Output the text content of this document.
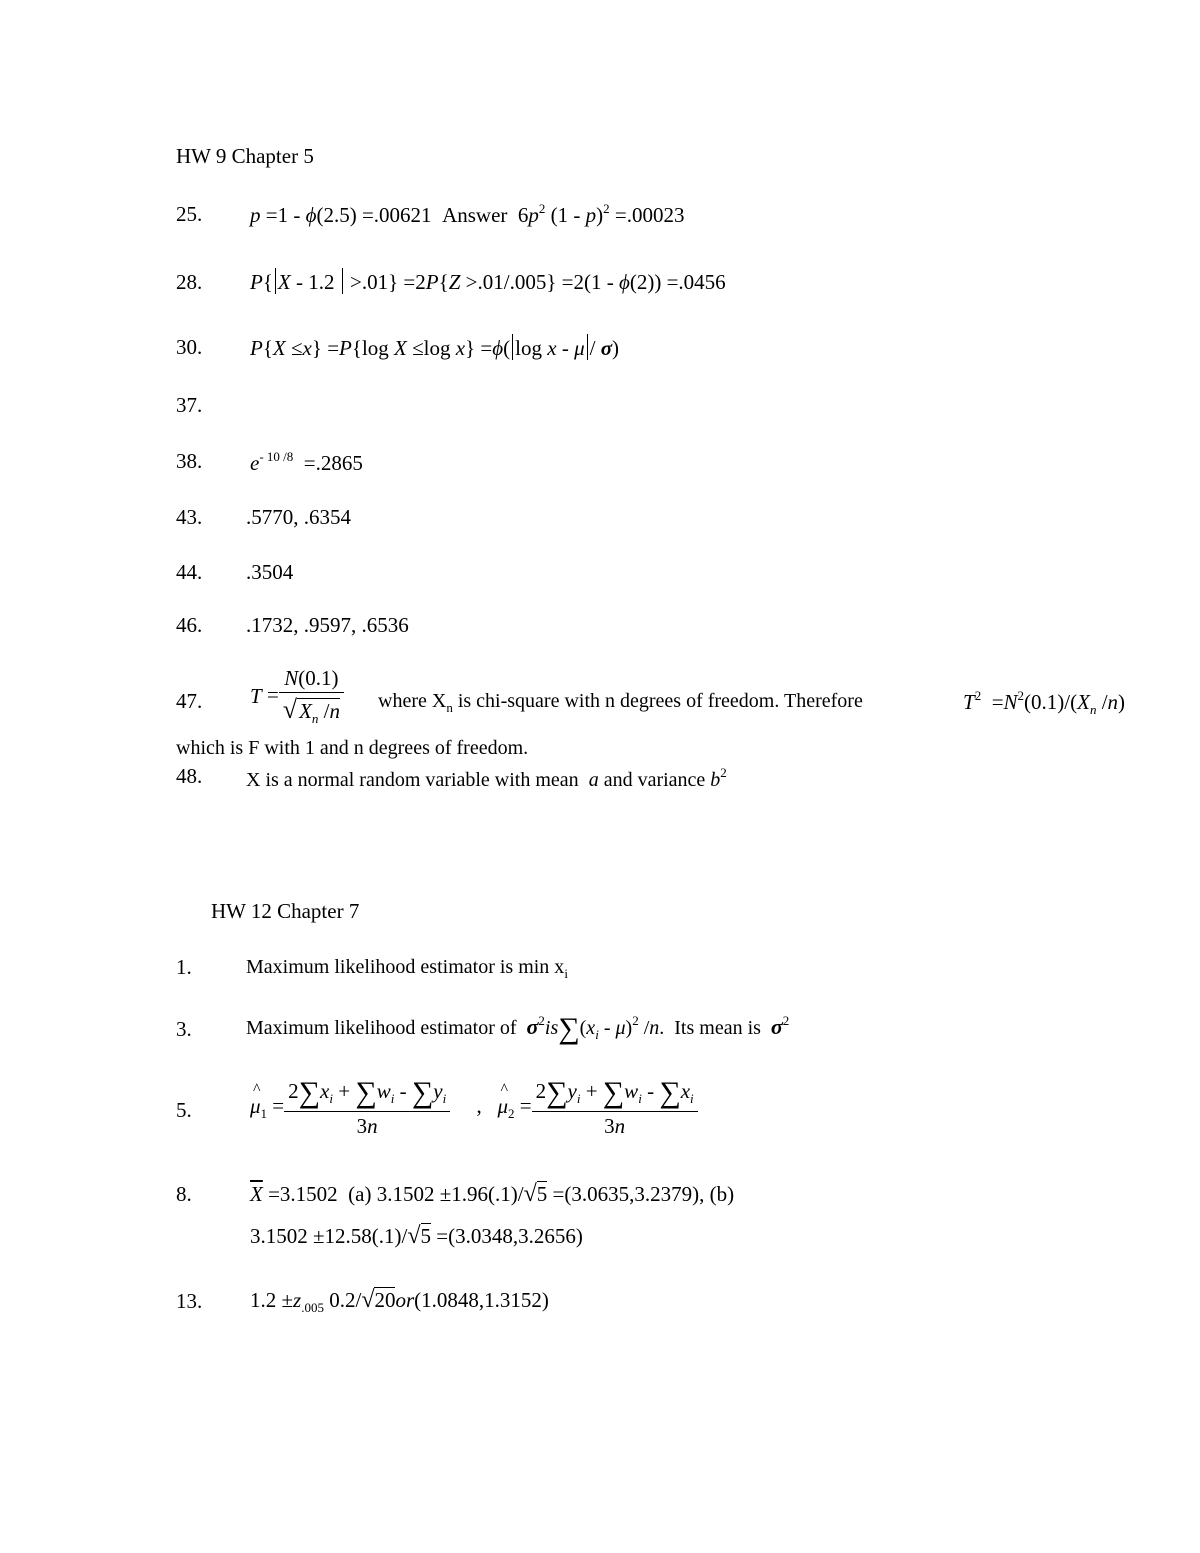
HW 9 Chapter 5
25. p =1 - ϕ(2.5) =.00621  Answer  $6p^2$ (1 - p)$^2$ =.00023
28. P{ X - 1.2  >.01} =2P{Z >.01/.005} =2(1 - ϕ(2)) =.0456
30. P{X ≤x} =P{log X ≤log x} =ϕ( log x - μ / σ)
37.
38. $e^{- 10 /8} =.2865$
43. .5770, .6354
44. .3504
46. .1732, .9597, .6536
47. $T = \frac{N(0.1)}{√X_n /n}$ where $X_n$ is chi-square with n degrees of freedom. Therefore	$T^2 =N^2(0.1)/(X_n$ /n)
which is F with 1 and n degrees of freedom.
48. X is a normal random variable with mean a and variance $b^2$
HW 12 Chapter 7
1.	Maximum likelihood estimator is $\min x_i$
3.	Maximum likelihood estimator of $\sigma^2is\sum(x_i - \mu)^2$ /n.  Its mean is $\sigma^2$
5.	^ $\mu_1 = \frac{2\sum x_i + \sum w_i - \sum y_i}{3n}$ ,   ^ $\mu_2 = \frac{2\sum y_i + \sum w_i - \sum x_i}{3n}$
8.	$\overline{X} =3.1502$  (a) 3.1502 ±1.96(.1)/√5 =(3.0635,3.2379), (b)
3.1502 ±12.58(.1)/√5 =(3.0348,3.2656)
13. $1.2 \pm z_{.005}$ 0.2/√20or(1.0848,1.3152)
